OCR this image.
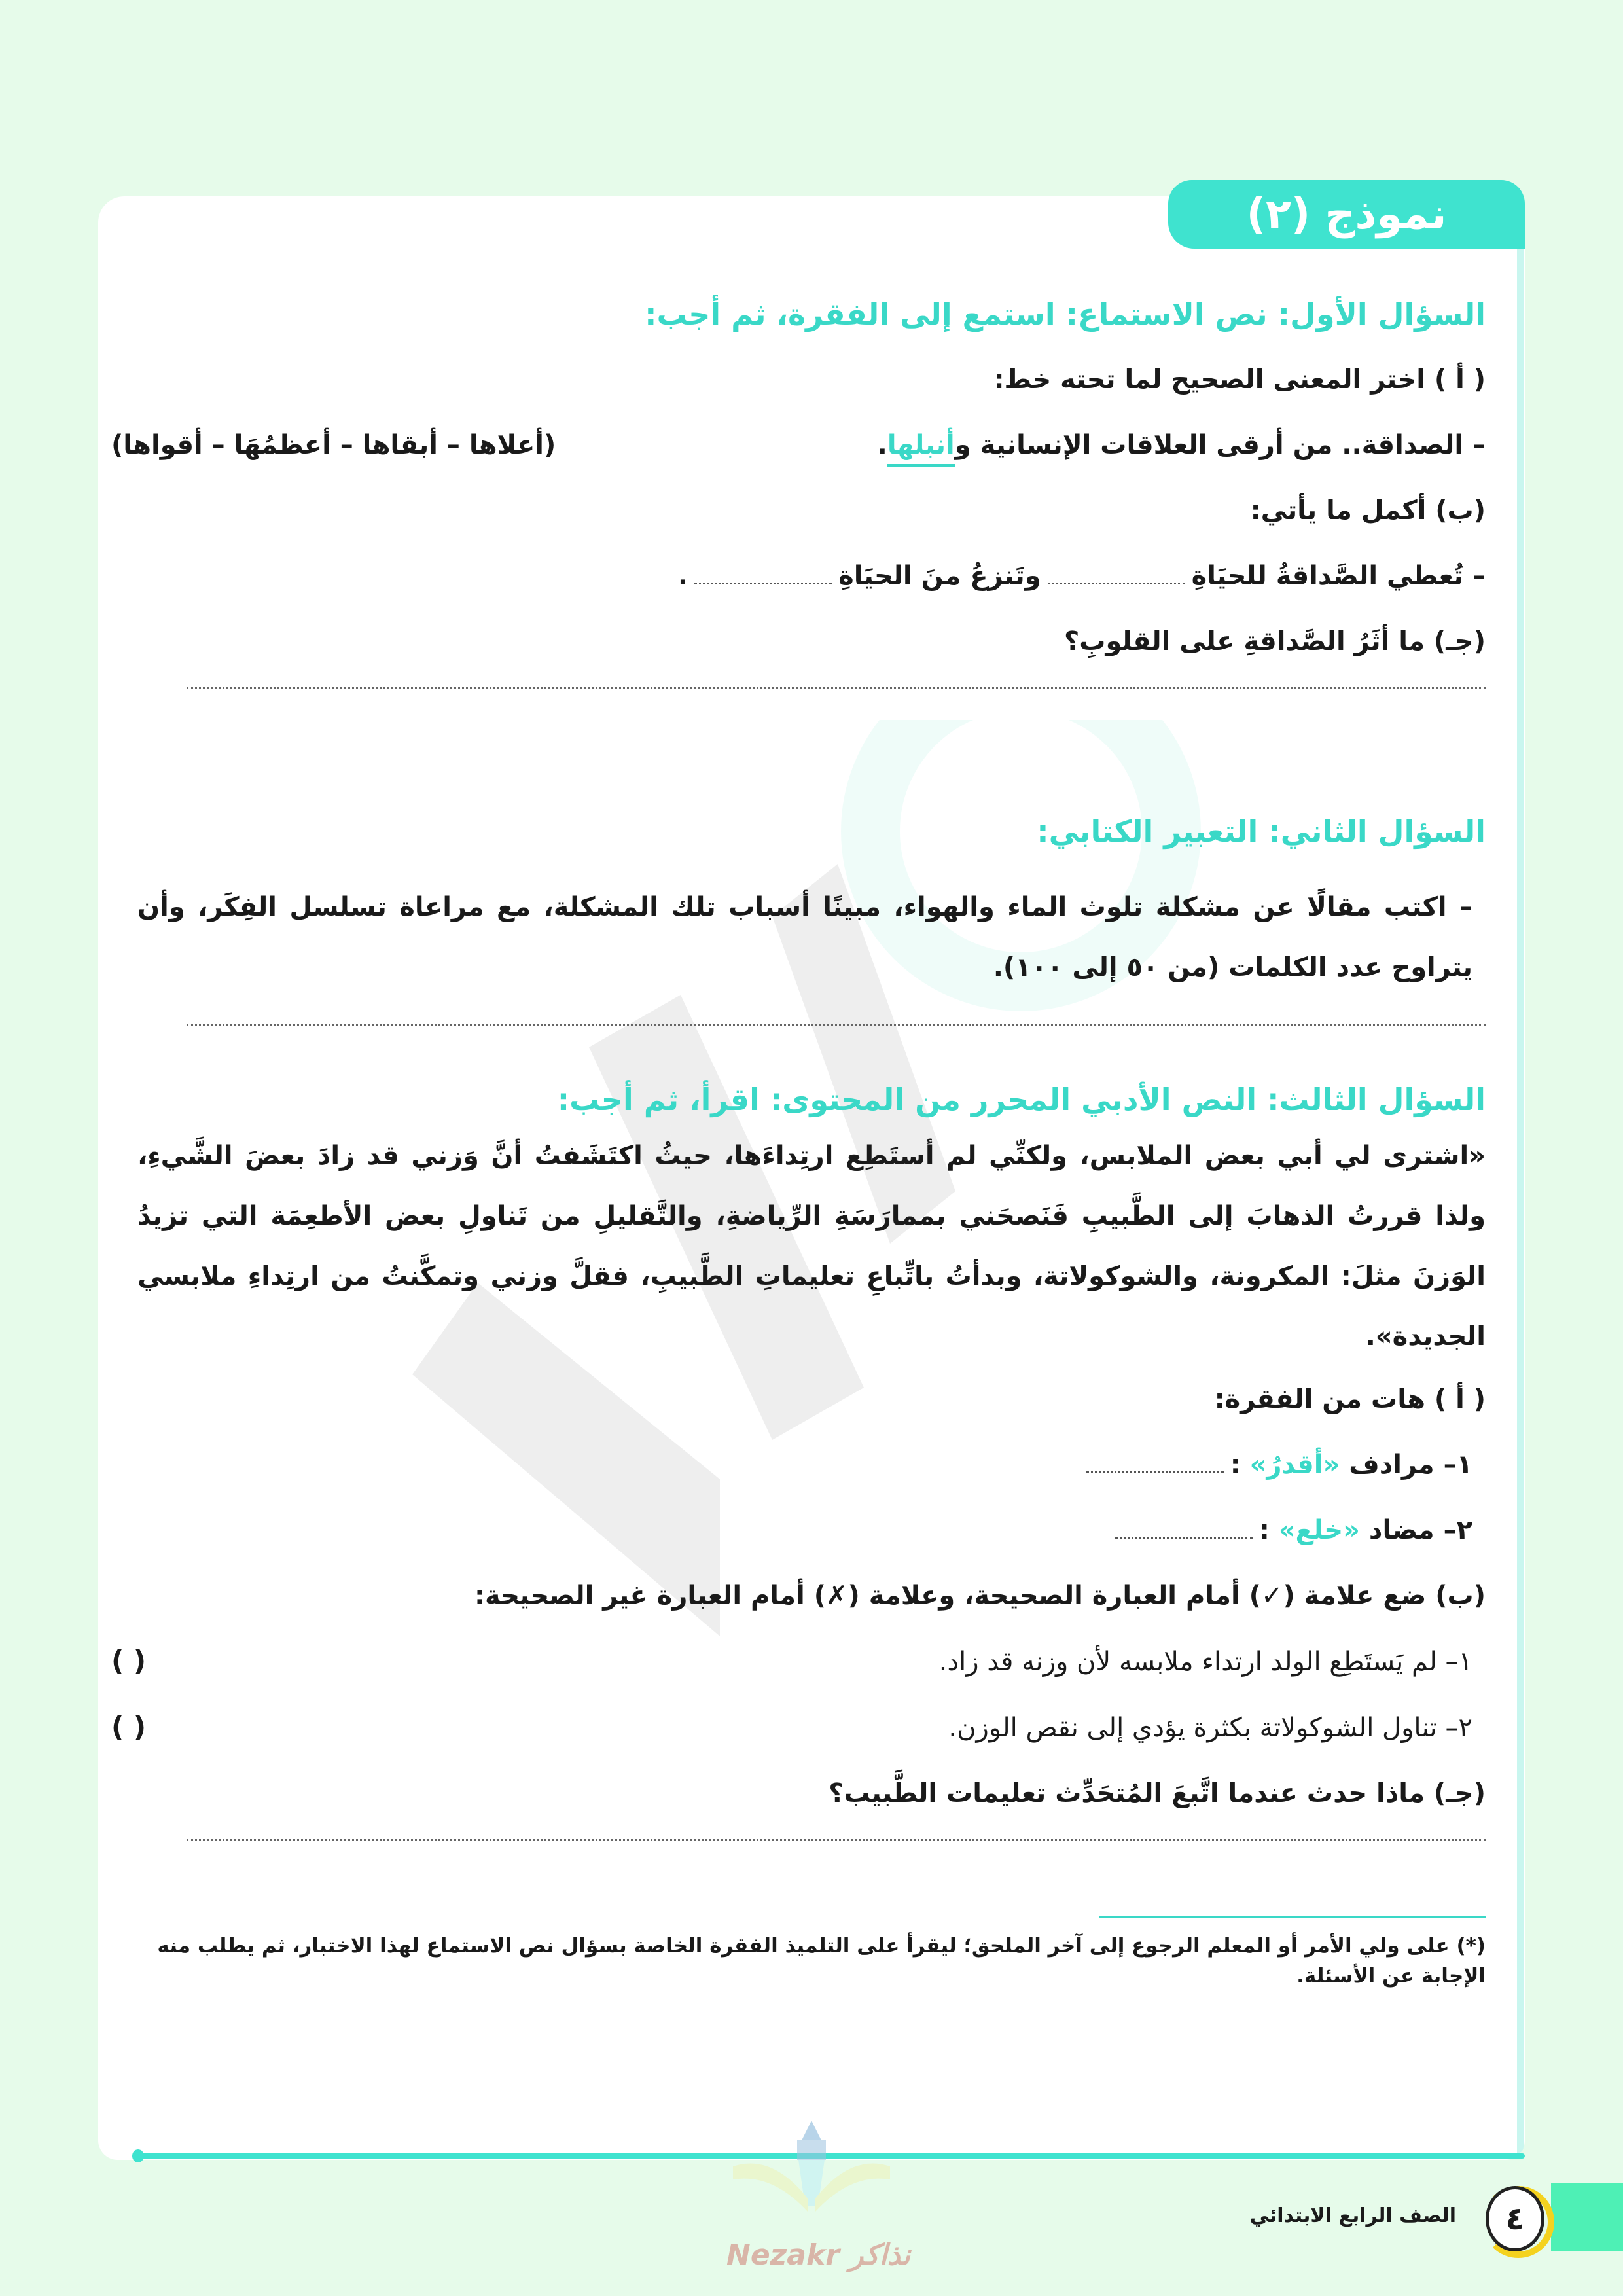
نموذج (٢)
السؤال الأول: نص الاستماع: استمع إلى الفقرة، ثم أجب:
( أ ) اختر المعنى الصحيح لما تحته خط:
– الصداقة.. من أرقى العلاقات الإنسانية وأنبلها.
(أعلاها – أبقاها – أعظمُهَا – أقواها)
(ب) أكمل ما يأتي:
– تُعطي الصَّداقةُ للحيَاةِوتَنزعُ منَ الحيَاةِ.
(جـ) ما أثَرُ الصَّداقةِ على القلوبِ؟
السؤال الثاني: التعبير الكتابي:
– اكتب مقالًا عن مشكلة تلوث الماء والهواء، مبينًا أسباب تلك المشكلة، مع مراعاة تسلسل الفِكَر، وأن يتراوح عدد الكلمات (من ٥٠ إلى ١٠٠).
السؤال الثالث: النص الأدبي المحرر من المحتوى: اقرأ، ثم أجب:
«اشترى لي أبي بعض الملابس، ولكنِّي لم أستَطِع ارتِداءَها، حيثُ اكتَشَفتُ أنَّ وَزني قد زادَ بعضَ الشَّيءِ، ولذا قررتُ الذهابَ إلى الطَّبيبِ فَنَصحَني بممارَسَةِ الرِّياضةِ، والتَّقليلِ من تَناولِ بعض الأطعِمَة التي تزيدُ الوَزنَ مثلَ: المكرونة، والشوكولاتة، وبدأتُ باتِّباعِ تعليماتِ الطَّبيبِ، فقلَّ وزني وتمكَّنتُ من ارتِداءِ ملابسي الجديدة».
( أ ) هات من الفقرة:
١– مرادف «أقدرُ» :
٢– مضاد «خلع» :
(ب) ضع علامة (✓) أمام العبارة الصحيحة، وعلامة (✗) أمام العبارة غير الصحيحة:
١– لم يَستَطِع الولد ارتداء ملابسه لأن وزنه قد زاد.
( )
٢– تناول الشوكولاتة بكثرة يؤدي إلى نقص الوزن.
( )
(جـ) ماذا حدث عندما اتَّبعَ المُتحَدِّث تعليمات الطَّبيب؟
(*) على ولي الأمر أو المعلم الرجوع إلى آخر الملحق؛ ليقرأ على التلميذ الفقرة الخاصة بسؤال نص الاستماع لهذا الاختبار، ثم يطلب منه الإجابة عن الأسئلة.
Nezakr نذاكر
٤
الصف الرابع الابتدائي
